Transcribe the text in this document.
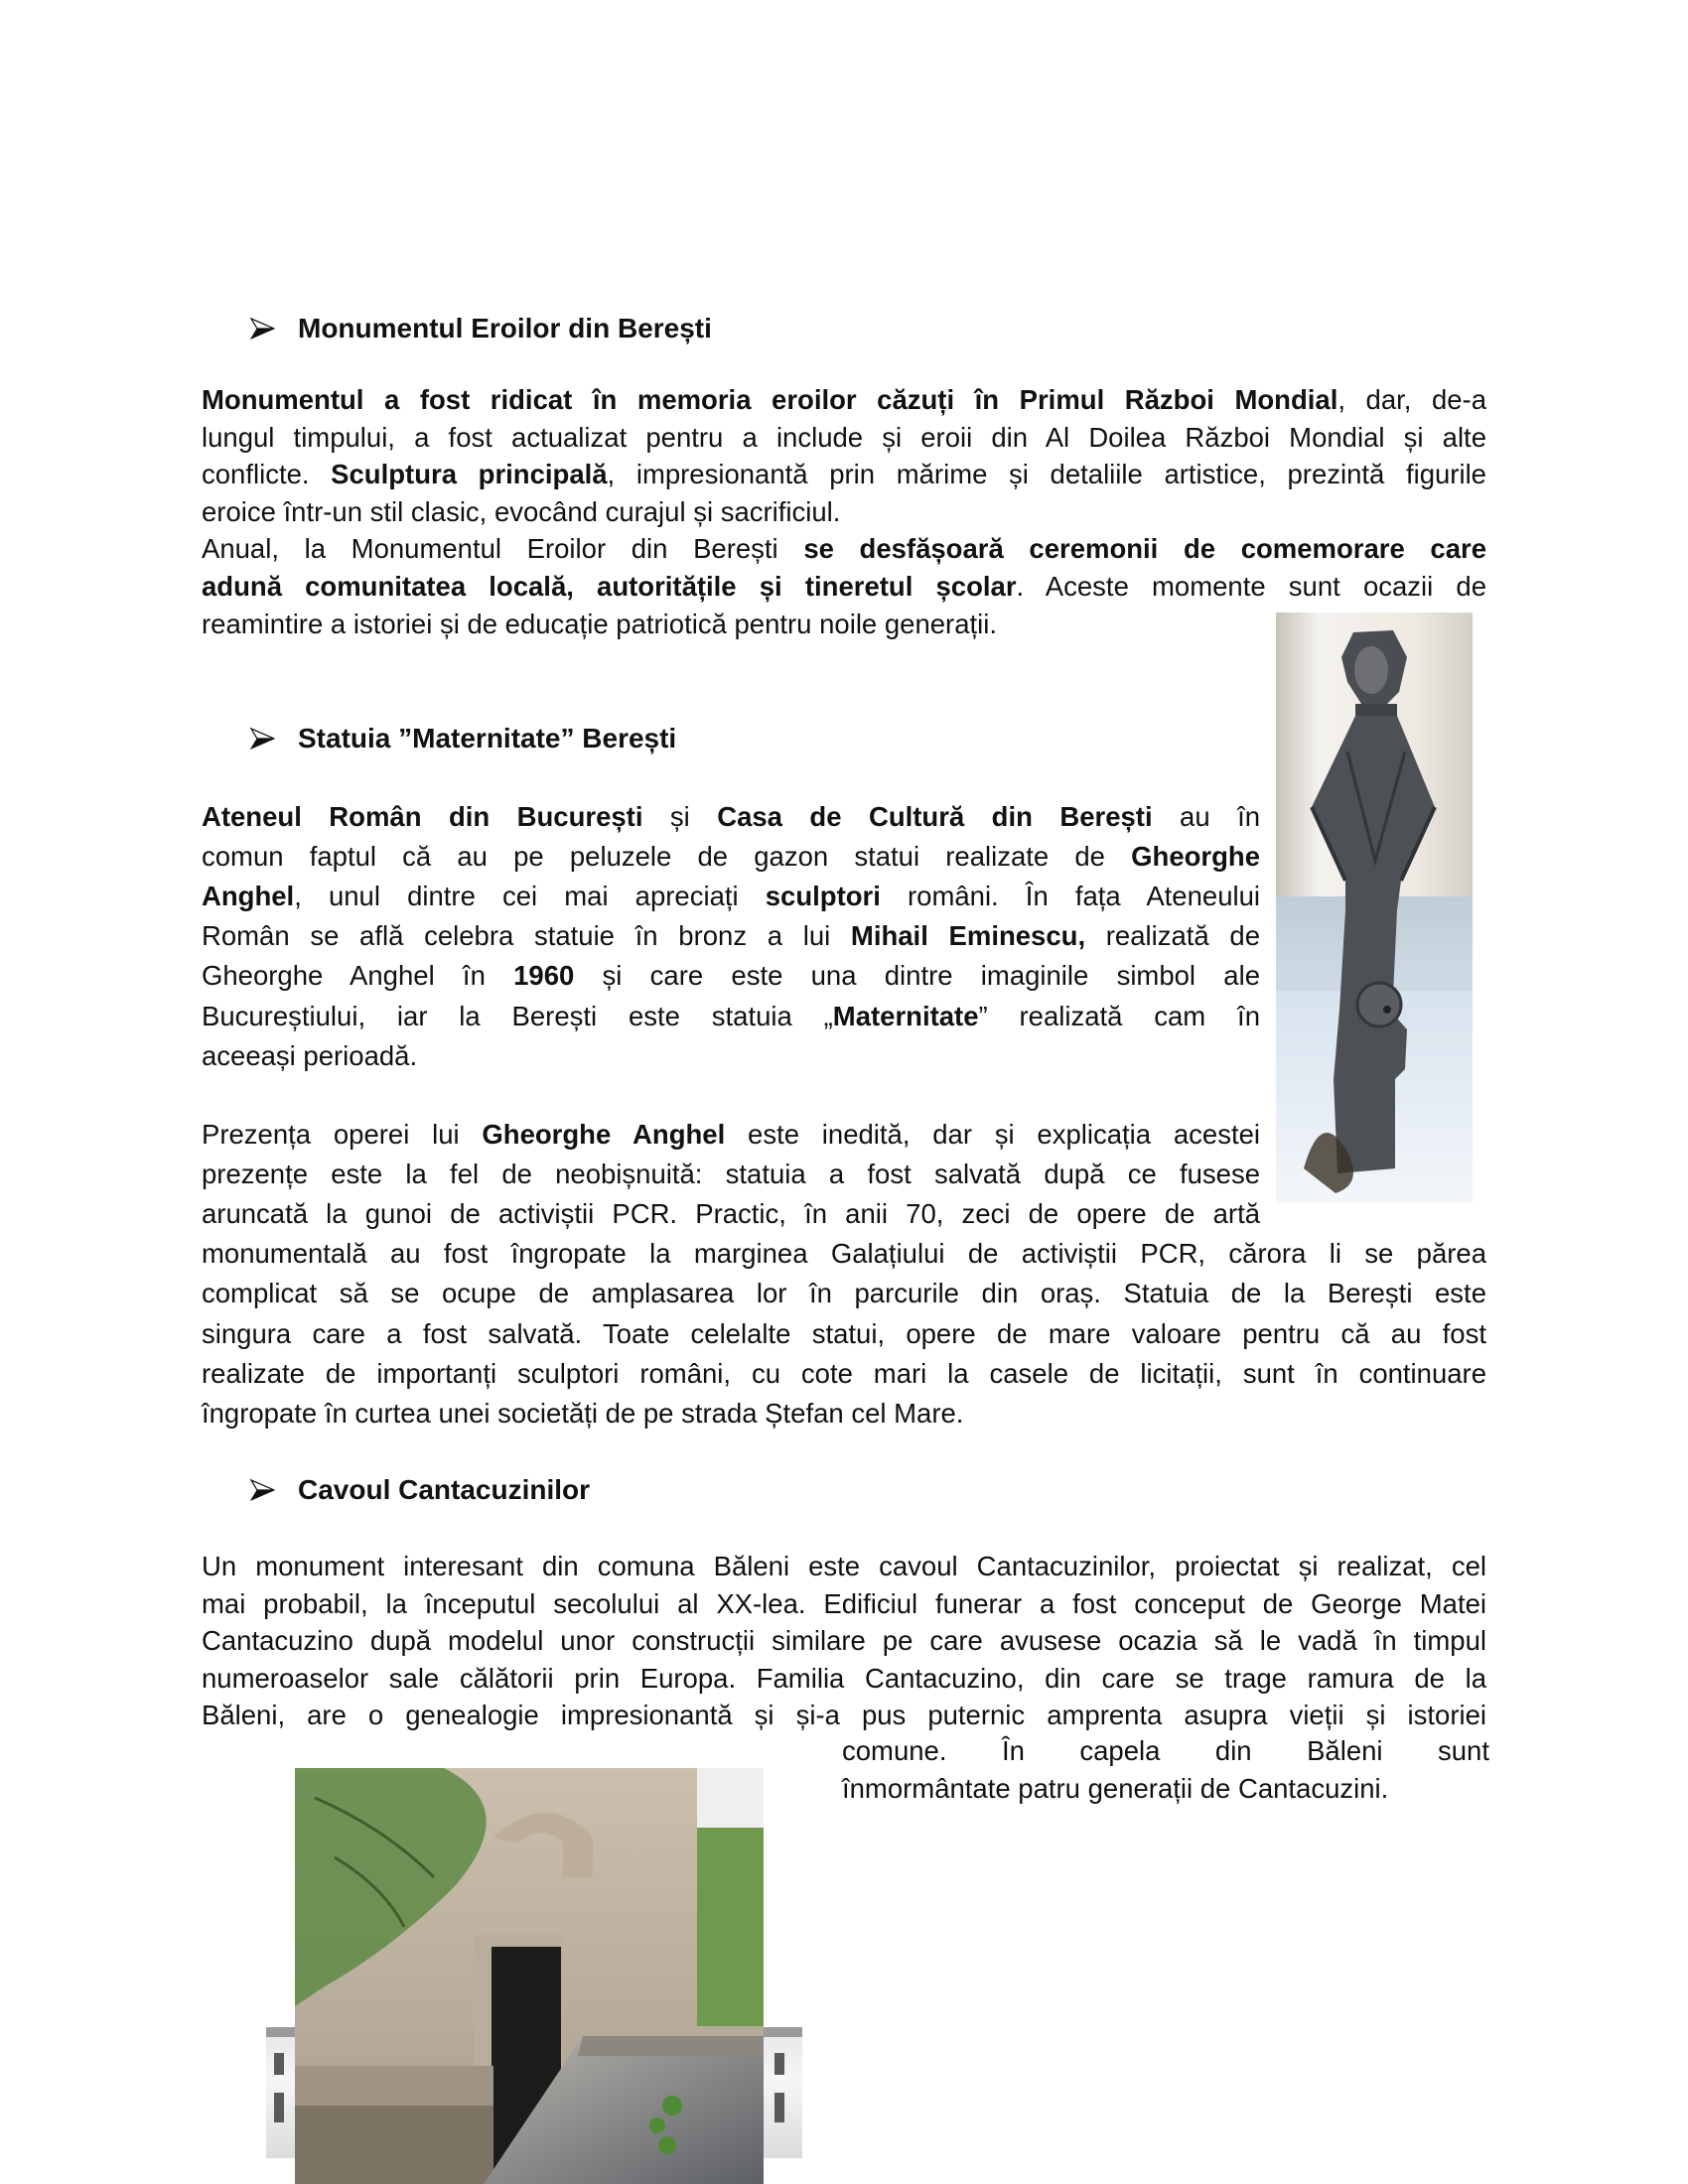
Monumentul Eroilor din Berești
Monumentul a fost ridicat în memoria eroilor căzuți în Primul Război Mondial, dar, de-a
lungul timpului, a fost actualizat pentru a include și eroii din Al Doilea Război Mondial și alte
conflicte. Sculptura principală, impresionantă prin mărime și detaliile artistice, prezintă figurile
eroice într-un stil clasic, evocând curajul și sacrificiul.
Anual, la Monumentul Eroilor din Berești se desfășoară ceremonii de comemorare care
adună comunitatea locală, autoritățile și tineretul școlar. Aceste momente sunt ocazii de
reamintire a istoriei și de educație patriotică pentru noile generații.
Statuia ”Maternitate” Berești
Ateneul Român din București și Casa de Cultură din Berești au în
comun faptul că au pe peluzele de gazon statui realizate de Gheorghe
Anghel, unul dintre cei mai apreciați sculptori români. În fața Ateneului
Român se află celebra statuie în bronz a lui Mihail Eminescu, realizată de
Gheorghe Anghel în 1960 și care este una dintre imaginile simbol ale
Bucureștiului, iar la Berești este statuia „Maternitate” realizată cam în
aceeași perioadă.
Prezența operei lui Gheorghe Anghel este inedită, dar și explicația acestei
prezențe este la fel de neobișnuită: statuia a fost salvată după ce fusese
aruncată la gunoi de activiștii PCR. Practic, în anii 70, zeci de opere de artă
monumentală au fost îngropate la marginea Galațiului de activiștii PCR, cărora li se părea
complicat să se ocupe de amplasarea lor în parcurile din oraș. Statuia de la Berești este
singura care a fost salvată. Toate celelalte statui, opere de mare valoare pentru că au fost
realizate de importanți sculptori români, cu cote mari la casele de licitații, sunt în continuare
îngropate în curtea unei societăți de pe strada Ștefan cel Mare.
Cavoul Cantacuzinilor
Un monument interesant din comuna Băleni este cavoul Cantacuzinilor, proiectat și realizat, cel
mai probabil, la începutul secolului al XX-lea. Edificiul funerar a fost conceput de George Matei
Cantacuzino după modelul unor construcții similare pe care avusese ocazia să le vadă în timpul
numeroaselor sale călătorii prin Europa. Familia Cantacuzino, din care se trage ramura de la
Băleni, are o genealogie impresionantă și și-a pus puternic amprenta asupra vieții și istoriei
comune. În capela din Băleni sunt
înmormântate patru generații de Cantacuzini.
